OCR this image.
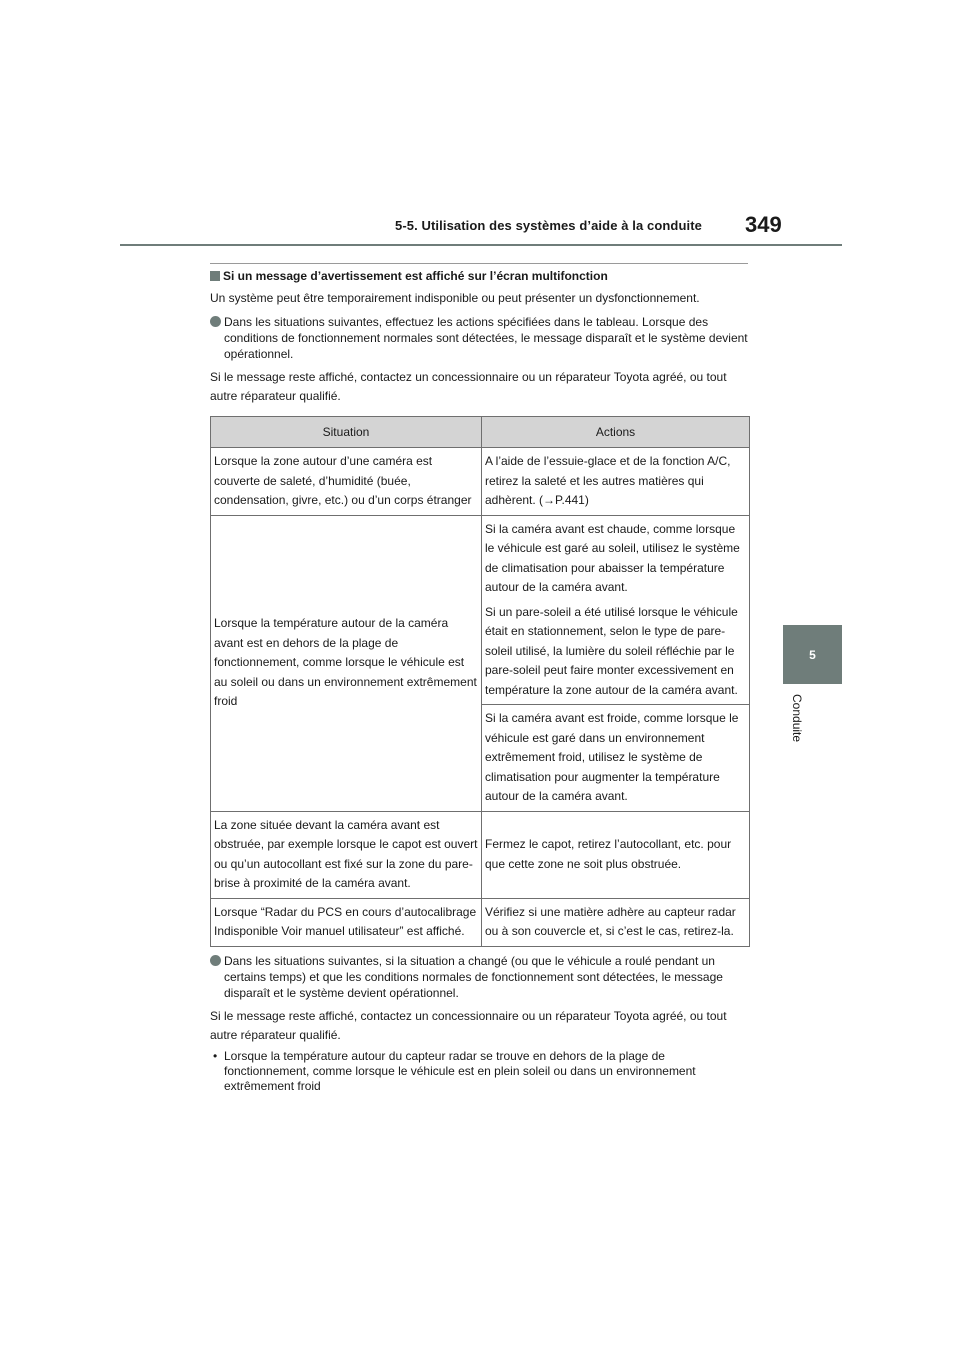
5-5. Utilisation des systèmes d’aide à la conduite 349
5
Conduite
Si un message d’avertissement est affiché sur l’écran multifonction

Un système peut être temporairement indisponible ou peut présenter un dysfonctionnement.

Dans les situations suivantes, effectuez les actions spécifiées dans le tableau. Lorsque des conditions de fonctionnement normales sont détectées, le message disparaît et le système devient opérationnel.

Si le message reste affiché, contactez un concessionnaire ou un réparateur Toyota agréé, ou tout autre réparateur qualifié.

Situation	Actions
Lorsque la zone autour d’une caméra est couverte de saleté, d’humidité (buée, condensation, givre, etc.) ou d’un corps étranger	A l’aide de l’essuie-glace et de la fonction A/C, retirez la saleté et les autres matières qui adhèrent. (→P.441)
Lorsque la température autour de la caméra avant est en dehors de la plage de fonctionnement, comme lorsque le véhicule est au soleil ou dans un environnement extrêmement froid	Si la caméra avant est chaude, comme lorsque le véhicule est garé au soleil, utilisez le système de climatisation pour abaisser la température autour de la caméra avant.

Si un pare-soleil a été utilisé lorsque le véhicule était en stationnement, selon le type de pare-soleil utilisé, la lumière du soleil réfléchie par le pare-soleil peut faire monter excessivement en température la zone autour de la caméra avant.

	Si la caméra avant est froide, comme lorsque le véhicule est garé dans un environnement extrêmement froid, utilisez le système de climatisation pour augmenter la température autour de la caméra avant.
La zone située devant la caméra avant est obstruée, par exemple lorsque le capot est ouvert ou qu’un autocollant est fixé sur la zone du pare-brise à proximité de la caméra avant.	Fermez le capot, retirez l’autocollant, etc. pour que cette zone ne soit plus obstruée.
Lorsque “Radar du PCS en cours d’autocalibrage Indisponible Voir manuel utilisateur” est affiché.	Vérifiez si une matière adhère au capteur radar ou à son couvercle et, si c’est le cas, retirez-la.
Dans les situations suivantes, si la situation a changé (ou que le véhicule a roulé pendant un certains temps) et que les conditions normales de fonctionnement sont détectées, le message disparaît et le système devient opérationnel.

Si le message reste affiché, contactez un concessionnaire ou un réparateur Toyota agréé, ou tout autre réparateur qualifié.

• Lorsque la température autour du capteur radar se trouve en dehors de la plage de fonctionnement, comme lorsque le véhicule est en plein soleil ou dans un environnement extrêmement froid
